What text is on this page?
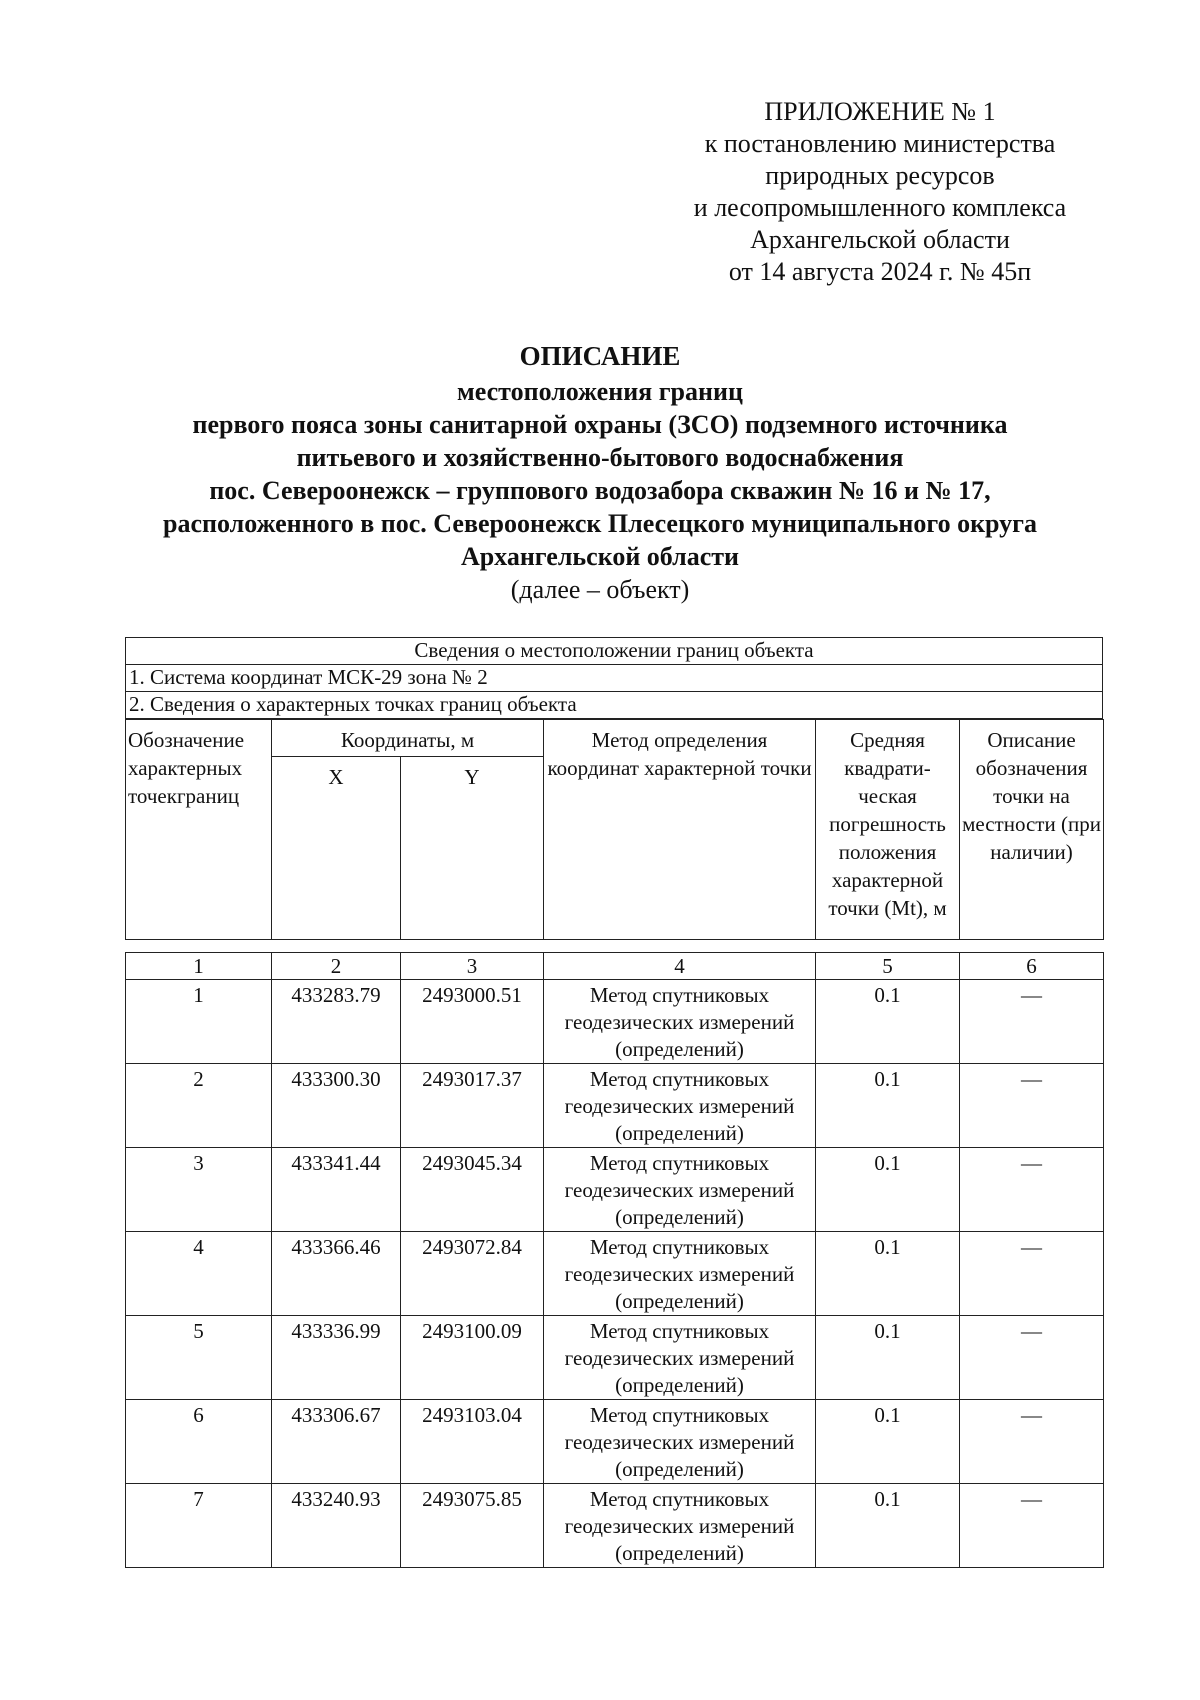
ПРИЛОЖЕНИЕ № 1
к постановлению министерства
природных ресурсов
и лесопромышленного комплекса
Архангельской области
от 14 августа 2024 г. № 45п
ОПИСАНИЕ
местоположения границ
первого пояса зоны санитарной охраны (ЗСО) подземного источника
питьевого и хозяйственно-бытового водоснабжения
пос. Североонежск – группового водозабора скважин № 16 и № 17,
расположенного в пос. Североонежск Плесецкого муниципального округа
Архангельской области
(далее – объект)
Сведения о местоположении границ объекта
1. Система координат МСК-29 зона № 2
2. Сведения о характерных точках границ объекта
Обозначение характерных точекграниц	Координаты, м		Метод определения координат характерной точки	Средняя квадрати-ческая погрешность положения характерной точки (Mt), м	Описание обозначения точки на местности (при наличии)
	X	Y			
1	2	3	4	5	6
1	433283.79	2493000.51	Метод спутниковых геодезических измерений (определений)	0.1	—
2	433300.30	2493017.37	Метод спутниковых геодезических измерений (определений)	0.1	—
3	433341.44	2493045.34	Метод спутниковых геодезических измерений (определений)	0.1	—
4	433366.46	2493072.84	Метод спутниковых геодезических измерений (определений)	0.1	—
5	433336.99	2493100.09	Метод спутниковых геодезических измерений (определений)	0.1	—
6	433306.67	2493103.04	Метод спутниковых геодезических измерений (определений)	0.1	—
7	433240.93	2493075.85	Метод спутниковых геодезических измерений (определений)	0.1	—
